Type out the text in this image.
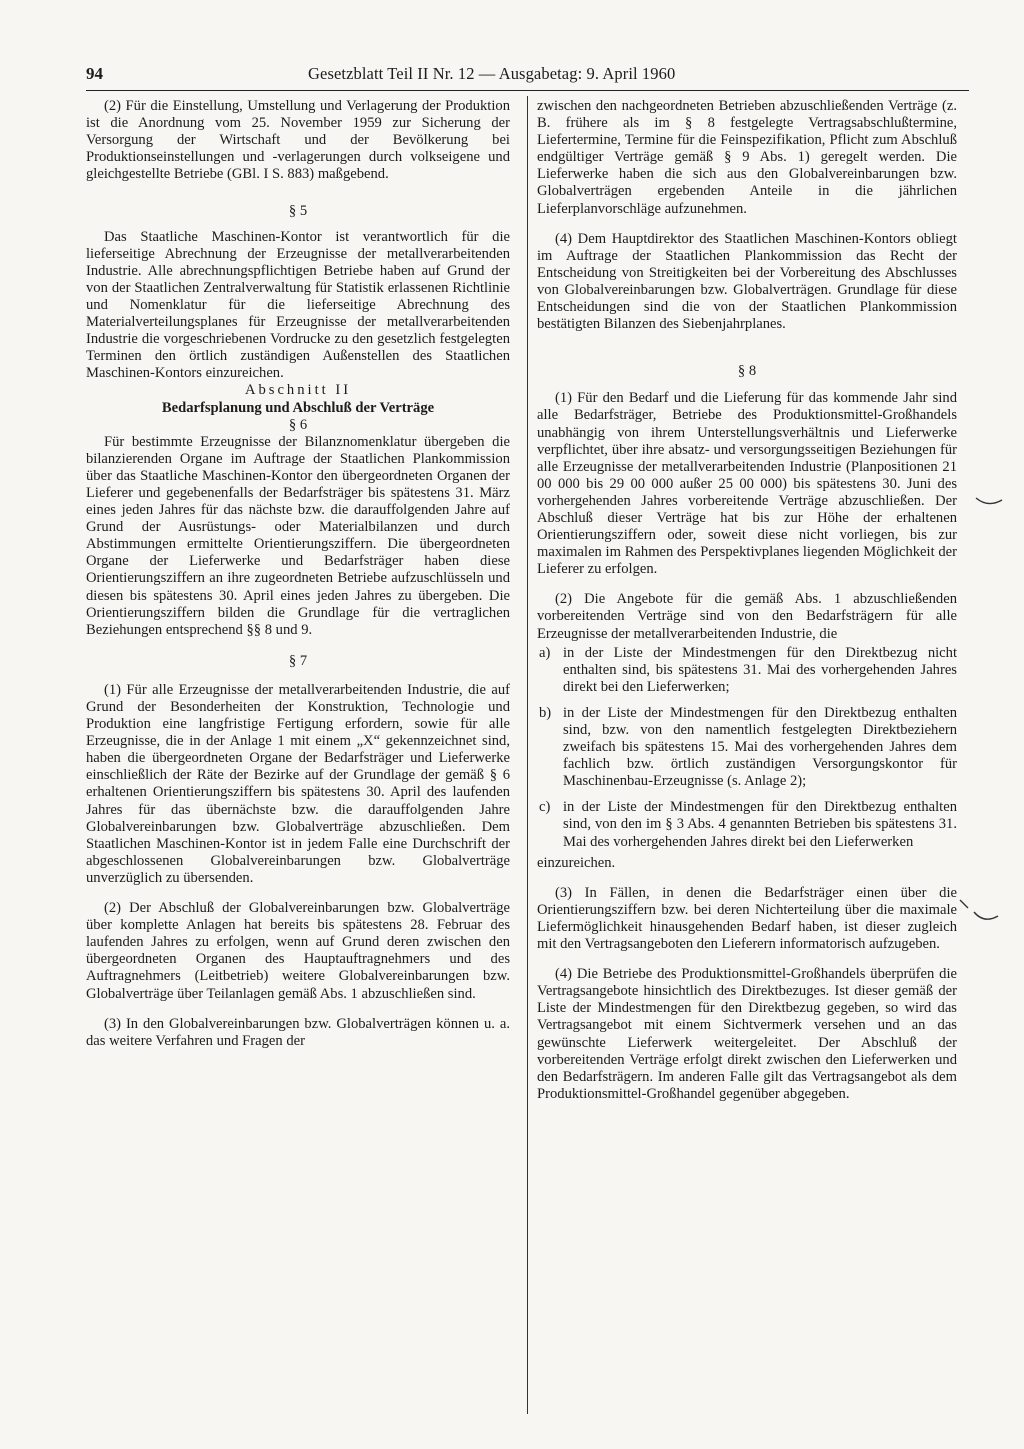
94	Gesetzblatt Teil II Nr. 12 — Ausgabetag: 9. April 1960

(2) Für die Einstellung, Umstellung und Verlagerung der Produktion ist die Anordnung vom 25. November 1959 zur Sicherung der Versorgung der Wirtschaft und der Bevölkerung bei Produktionseinstellungen und -verlagerungen durch volkseigene und gleichgestellte Betriebe (GBl. I S. 883) maßgebend.

§ 5

Das Staatliche Maschinen-Kontor ist verantwortlich für die lieferseitige Abrechnung der Erzeugnisse der metallverarbeitenden Industrie. Alle abrechnungspflichtigen Betriebe haben auf Grund der von der Staatlichen Zentralverwaltung für Statistik erlassenen Richtlinie und Nomenklatur für die lieferseitige Abrechnung des Materialverteilungsplanes für Erzeugnisse der metallverarbeitenden Industrie die vorgeschriebenen Vordrucke zu den gesetzlich festgelegten Terminen den örtlich zuständigen Außenstellen des Staatlichen Maschinen-Kontors einzureichen.

Abschnitt II

Bedarfsplanung und Abschluß der Verträge

§ 6

Für bestimmte Erzeugnisse der Bilanznomenklatur übergeben die bilanzierenden Organe im Auftrage der Staatlichen Plankommission über das Staatliche Maschinen-Kontor den übergeordneten Organen der Lieferer und gegebenenfalls der Bedarfsträger bis spätestens 31. März eines jeden Jahres für das nächste bzw. die darauffolgenden Jahre auf Grund der Ausrüstungs- oder Materialbilanzen und durch Abstimmungen ermittelte Orientierungsziffern. Die übergeordneten Organe der Lieferwerke und Bedarfsträger haben diese Orientierungsziffern an ihre zugeordneten Betriebe aufzuschlüsseln und diesen bis spätestens 30. April eines jeden Jahres zu übergeben. Die Orientierungsziffern bilden die Grundlage für die vertraglichen Beziehungen entsprechend §§ 8 und 9.

§ 7

(1) Für alle Erzeugnisse der metallverarbeitenden Industrie, die auf Grund der Besonderheiten der Konstruktion, Technologie und Produktion eine langfristige Fertigung erfordern, sowie für alle Erzeugnisse, die in der Anlage 1 mit einem „X“ gekennzeichnet sind, haben die übergeordneten Organe der Bedarfsträger und Lieferwerke einschließlich der Räte der Bezirke auf der Grundlage der gemäß § 6 erhaltenen Orientierungsziffern bis spätestens 30. April des laufenden Jahres für das übernächste bzw. die darauffolgenden Jahre Globalvereinbarungen bzw. Globalverträge abzuschließen. Dem Staatlichen Maschinen-Kontor ist in jedem Falle eine Durchschrift der abgeschlossenen Globalvereinbarungen bzw. Globalverträge unverzüglich zu übersenden.

(2) Der Abschluß der Globalvereinbarungen bzw. Globalverträge über komplette Anlagen hat bereits bis spätestens 28. Februar des laufenden Jahres zu erfolgen, wenn auf Grund deren zwischen den übergeordneten Organen des Hauptauftragnehmers und des Auftragnehmers (Leitbetrieb) weitere Globalvereinbarungen bzw. Globalverträge über Teilanlagen gemäß Abs. 1 abzuschließen sind.

(3) In den Globalvereinbarungen bzw. Globalverträgen können u. a. das weitere Verfahren und Fragen der

zwischen den nachgeordneten Betrieben abzuschließenden Verträge (z. B. frühere als im § 8 festgelegte Vertragsabschlußtermine, Liefertermine, Termine für die Feinspezifikation, Pflicht zum Abschluß endgültiger Verträge gemäß § 9 Abs. 1) geregelt werden. Die Lieferwerke haben die sich aus den Globalvereinbarungen bzw. Globalverträgen ergebenden Anteile in die jährlichen Lieferplanvorschläge aufzunehmen.

(4) Dem Hauptdirektor des Staatlichen Maschinen-Kontors obliegt im Auftrage der Staatlichen Plankommission das Recht der Entscheidung von Streitigkeiten bei der Vorbereitung des Abschlusses von Globalvereinbarungen bzw. Globalverträgen. Grundlage für diese Entscheidungen sind die von der Staatlichen Plankommission bestätigten Bilanzen des Siebenjahrplanes.

§ 8

(1) Für den Bedarf und die Lieferung für das kommende Jahr sind alle Bedarfsträger, Betriebe des Produktionsmittel-Großhandels unabhängig von ihrem Unterstellungsverhältnis und Lieferwerke verpflichtet, über ihre absatz- und versorgungsseitigen Beziehungen für alle Erzeugnisse der metallverarbeitenden Industrie (Planpositionen 21 00 000 bis 29 00 000 außer 25 00 000) bis spätestens 30. Juni des vorhergehenden Jahres vorbereitende Verträge abzuschließen. Der Abschluß dieser Verträge hat bis zur Höhe der erhaltenen Orientierungsziffern oder, soweit diese nicht vorliegen, bis zur maximalen im Rahmen des Perspektivplanes liegenden Möglichkeit der Lieferer zu erfolgen.

(2) Die Angebote für die gemäß Abs. 1 abzuschließenden vorbereitenden Verträge sind von den Bedarfsträgern für alle Erzeugnisse der metallverarbeitenden Industrie, die

a) in der Liste der Mindestmengen für den Direktbezug nicht enthalten sind, bis spätestens 31. Mai des vorhergehenden Jahres direkt bei den Lieferwerken;
b) in der Liste der Mindestmengen für den Direktbezug enthalten sind, bzw. von den namentlich festgelegten Direktbeziehern zweifach bis spätestens 15. Mai des vorhergehenden Jahres dem fachlich bzw. örtlich zuständigen Versorgungskontor für Maschinenbau-Erzeugnisse (s. Anlage 2);
c) in der Liste der Mindestmengen für den Direktbezug enthalten sind, von den im § 3 Abs. 4 genannten Betrieben bis spätestens 31. Mai des vorhergehenden Jahres direkt bei den Lieferwerken

einzureichen.

(3) In Fällen, in denen die Bedarfsträger einen über die Orientierungsziffern bzw. bei deren Nichterteilung über die maximale Liefermöglichkeit hinausgehenden Bedarf haben, ist dieser zugleich mit den Vertragsangeboten den Lieferern informatorisch aufzugeben.

(4) Die Betriebe des Produktionsmittel-Großhandels überprüfen die Vertragsangebote hinsichtlich des Direktbezuges. Ist dieser gemäß der Liste der Mindestmengen für den Direktbezug gegeben, so wird das Vertragsangebot mit einem Sichtvermerk versehen und an das gewünschte Lieferwerk weitergeleitet. Der Abschluß der vorbereitenden Verträge erfolgt direkt zwischen den Lieferwerken und den Bedarfsträgern. Im anderen Falle gilt das Vertragsangebot als dem Produktionsmittel-Großhandel gegenüber abgegeben.
